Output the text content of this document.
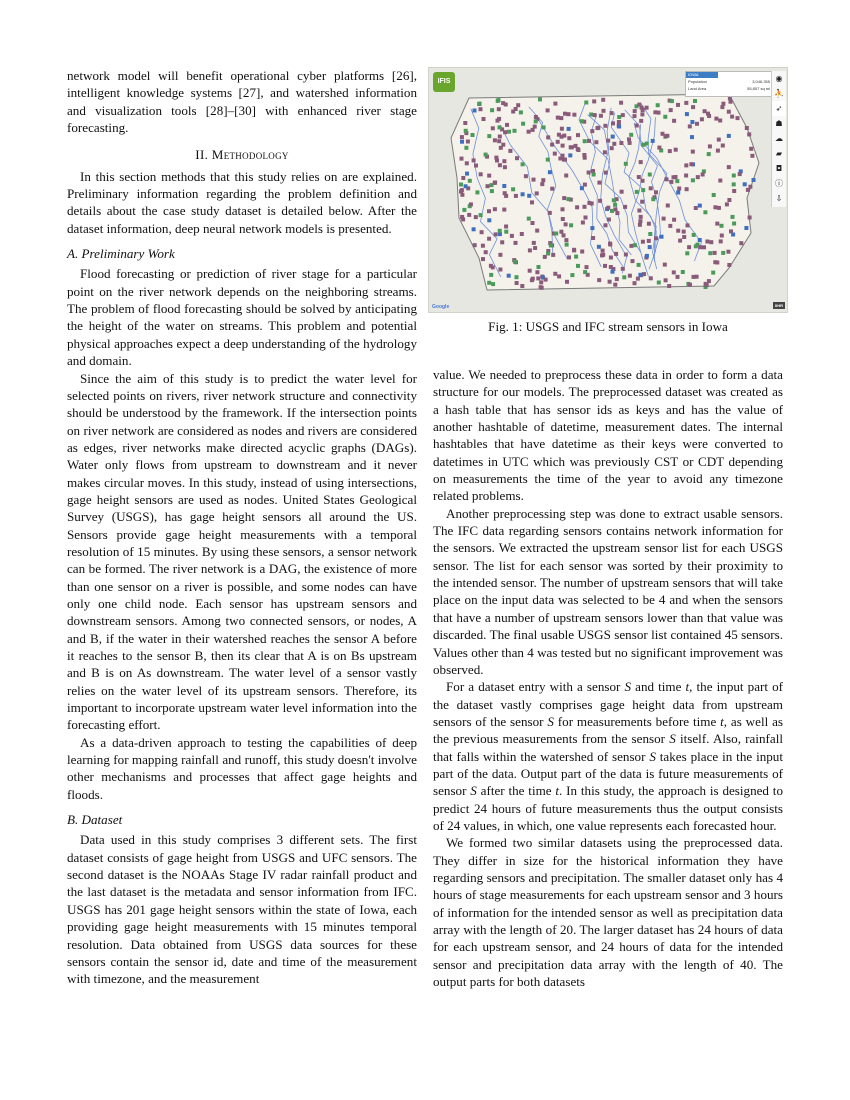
network model will benefit operational cyber platforms [26], intelligent knowledge systems [27], and watershed information and visualization tools [28]–[30] with enhanced river stage forecasting.

II. Methodology

In this section methods that this study relies on are explained. Preliminary information regarding the problem definition and details about the case study dataset is detailed below. After the dataset information, deep neural network models is presented.

A. Preliminary Work

Flood forecasting or prediction of river stage for a particular point on the river network depends on the neighboring streams. The problem of flood forecasting should be solved by anticipating the height of the water on streams. This problem and potential physical approaches expect a deep understanding of the hydrology and domain.

Since the aim of this study is to predict the water level for selected points on rivers, river network structure and connectivity should be understood by the framework. If the intersection points on river network are considered as nodes and rivers are considered as edges, river networks make directed acyclic graphs (DAGs). Water only flows from upstream to downstream and it never makes circular moves. In this study, instead of using intersections, gage height sensors are used as nodes. United States Geological Survey (USGS), has gage height sensors all around the US. Sensors provide gage height measurements with a temporal resolution of 15 minutes. By using these sensors, a sensor network can be formed. The river network is a DAG, the existence of more than one sensor on a river is possible, and some nodes can have only one child node. Each sensor has upstream sensors and downstream sensors. Among two connected sensors, or nodes, A and B, if the water in their watershed reaches the sensor A before it reaches to the sensor B, then its clear that A is on Bs upstream and B is on As downstream. The water level of a sensor vastly relies on the water level of its upstream sensors. Therefore, its important to incorporate upstream water level information into the forecasting effort.

As a data-driven approach to testing the capabilities of deep learning for mapping rainfall and runoff, this study doesn't involve other mechanisms and processes that affect gage heights and floods.

B. Dataset

Data used in this study comprises 3 different sets. The first dataset consists of gage height from USGS and UFC sensors. The second dataset is the NOAAs Stage IV radar rainfall product and the last dataset is the metadata and sensor information from IFC. USGS has 201 gage height sensors within the state of Iowa, each providing gage height measurements with 15 minutes temporal resolution. Data obtained from USGS data sources for these sensors contain the sensor id, date and time of the measurement with timezone, and the measurement

IFIS
IOWA
Population	3,046,355
Land Area	55,857 sq mi
◉
⛹
➶
☗
☁
▰
◘
ⓘ
⇩
Google	IIHR
Fig. 1: USGS and IFC stream sensors in Iowa

value. We needed to preprocess these data in order to form a data structure for our models. The preprocessed dataset was created as a hash table that has sensor ids as keys and has the value of another hashtable of datetime, measurement dates. The internal hashtables that have datetime as their keys were converted to datetimes in UTC which was previously CST or CDT depending on measurements the time of the year to avoid any timezone related problems.

Another preprocessing step was done to extract usable sensors. The IFC data regarding sensors contains network information for the sensors. We extracted the upstream sensor list for each USGS sensor. The list for each sensor was sorted by their proximity to the intended sensor. The number of upstream sensors that will take place on the input data was selected to be 4 and when the sensors that have a number of upstream sensors lower than that value was discarded. The final usable USGS sensor list contained 45 sensors. Values other than 4 was tested but no significant improvement was observed.

For a dataset entry with a sensor S and time t, the input part of the dataset vastly comprises gage height data from upstream sensors of the sensor S for measurements before time t, as well as the previous measurements from the sensor S itself. Also, rainfall that falls within the watershed of sensor S takes place in the input part of the data. Output part of the data is future measurements of sensor S after the time t. In this study, the approach is designed to predict 24 hours of future measurements thus the output consists of 24 values, in which, one value represents each forecasted hour.

We formed two similar datasets using the preprocessed data. They differ in size for the historical information they have regarding sensors and precipitation. The smaller dataset only has 4 hours of stage measurements for each upstream sensor and 3 hours of information for the intended sensor as well as precipitation data array with the length of 20. The larger dataset has 24 hours of data for each upstream sensor, and 24 hours of data for the intended sensor and precipitation data array with the length of 40. The output parts for both datasets
